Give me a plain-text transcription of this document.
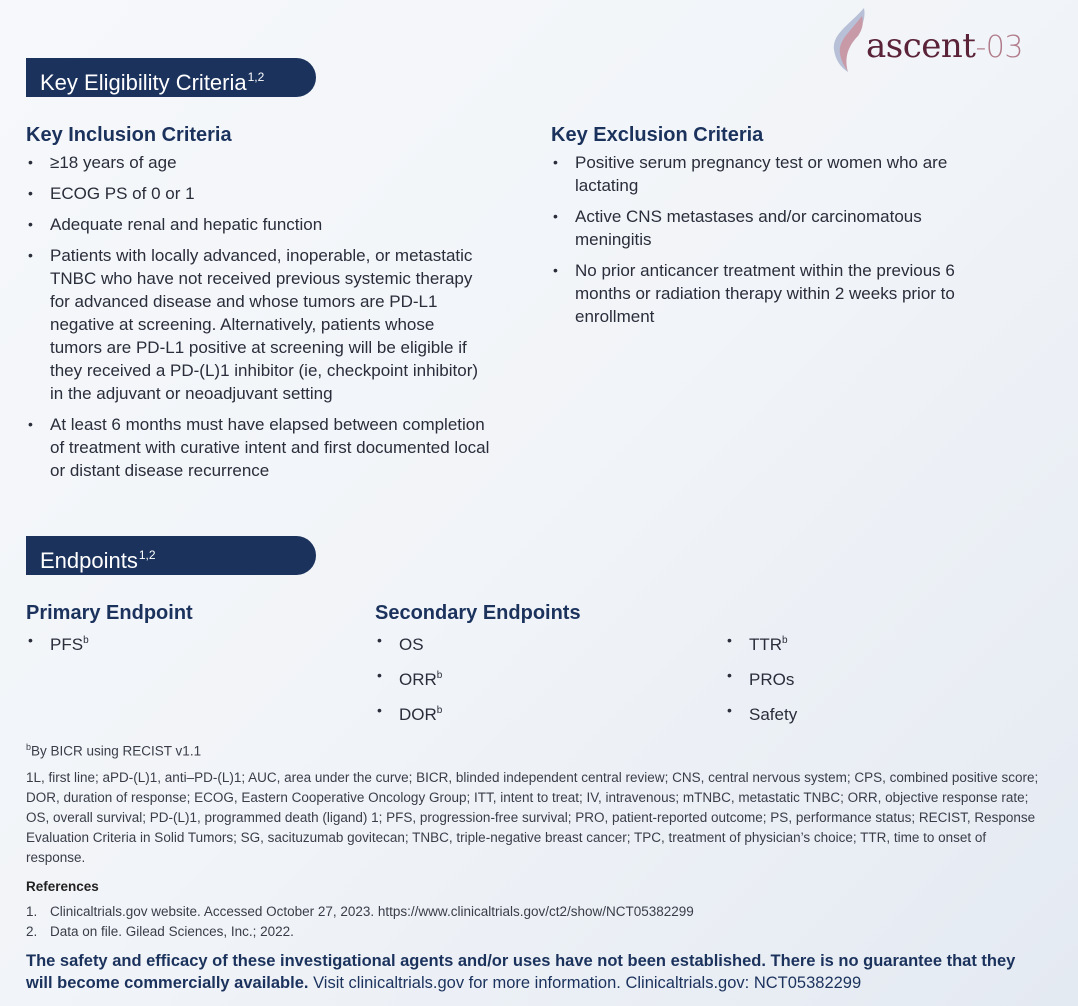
ascent-03
Key Eligibility Criteria$^{1,2}$
Key Inclusion Criteria
• ≥18 years of age
• ECOG PS of 0 or 1
• Adequate renal and hepatic function
• Patients with locally advanced, inoperable, or metastatic TNBC who have not received previous systemic therapy for advanced disease and whose tumors are PD-L1 negative at screening. Alternatively, patients whose tumors are PD-L1 positive at screening will be eligible if they received a PD-(L)1 inhibitor (ie, checkpoint inhibitor) in the adjuvant or neoadjuvant setting
• At least 6 months must have elapsed between completion of treatment with curative intent and first documented local or distant disease recurrence
Key Exclusion Criteria
• Positive serum pregnancy test or women who are lactating
• Active CNS metastases and/or carcinomatous meningitis
• No prior anticancer treatment within the previous 6 months or radiation therapy within 2 weeks prior to enrollment
Endpoints$^{1,2}$
Primary Endpoint
• PFS$^b$
Secondary Endpoints
• OS
• ORR$^b$
• DOR$^b$
• TTR$^b$
• PROs
• Safety
$^b$By BICR using RECIST v1.1
1L, first line; aPD-(L)1, anti–PD-(L)1; AUC, area under the curve; BICR, blinded independent central review; CNS, central nervous system; CPS, combined positive score; DOR, duration of response; ECOG, Eastern Cooperative Oncology Group; ITT, intent to treat; IV, intravenous; mTNBC, metastatic TNBC; ORR, objective response rate; OS, overall survival; PD-(L)1, programmed death (ligand) 1; PFS, progression-free survival; PRO, patient-reported outcome; PS, performance status; RECIST, Response Evaluation Criteria in Solid Tumors; SG, sacituzumab govitecan; TNBC, triple-negative breast cancer; TPC, treatment of physician’s choice; TTR, time to onset of response.
References
1. Clinicaltrials.gov website. Accessed October 27, 2023. https://www.clinicaltrials.gov/ct2/show/NCT05382299
2. Data on file. Gilead Sciences, Inc.; 2022.
The safety and efficacy of these investigational agents and/or uses have not been established. There is no guarantee that they will become commercially available. Visit clinicaltrials.gov for more information. Clinicaltrials.gov: NCT05382299
